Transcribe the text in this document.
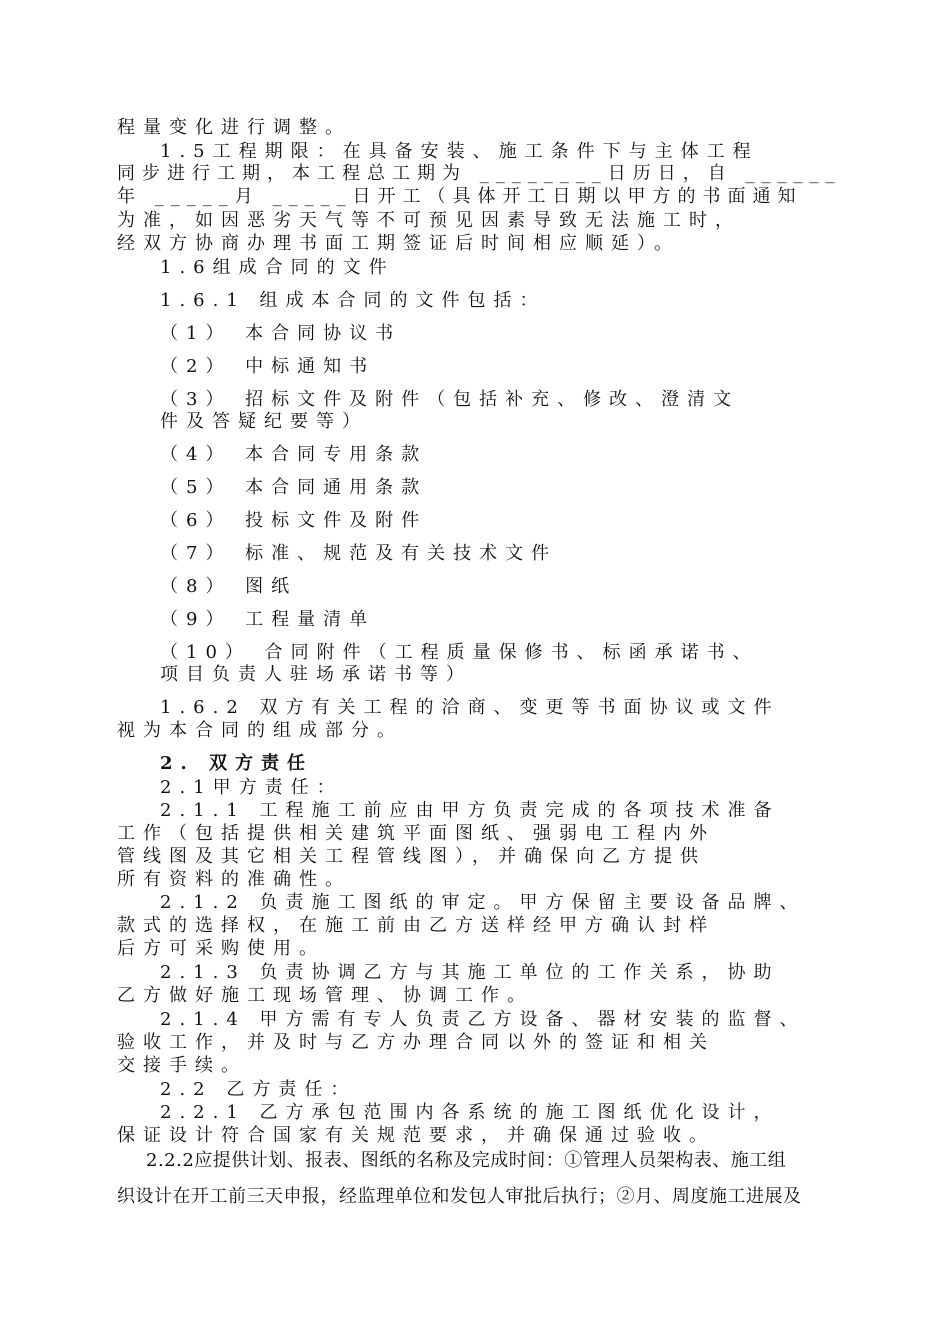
程量变化进行调整。
1.5工程期限：在具备安装、施工条件下与主体工程
同步进行工期，本工程总工期为 ________日历日，自 ______
年 _____月 _____日开工（具体开工日期以甲方的书面通知
为准，如因恶劣天气等不可预见因素导致无法施工时，
经双方协商办理书面工期签证后时间相应顺延）。
1.6组成合同的文件
1.6.1 组成本合同的文件包括：
（1） 本合同协议书
（2） 中标通知书
（3） 招标文件及附件（包括补充、修改、澄清文
件及答疑纪要等）
（4） 本合同专用条款
（5） 本合同通用条款
（6） 投标文件及附件
（7） 标准、规范及有关技术文件
（8） 图纸
（9） 工程量清单
（10） 合同附件（工程质量保修书、标函承诺书、
项目负责人驻场承诺书等）
1.6.2 双方有关工程的洽商、变更等书面协议或文件
视为本合同的组成部分。
2. 双方责任
2.1甲方责任：
2.1.1 工程施工前应由甲方负责完成的各项技术准备
工作（包括提供相关建筑平面图纸、强弱电工程内外
管线图及其它相关工程管线图），并确保向乙方提供
所有资料的准确性。
2.1.2 负责施工图纸的审定。甲方保留主要设备品牌、
款式的选择权，在施工前由乙方送样经甲方确认封样
后方可采购使用。
2.1.3 负责协调乙方与其施工单位的工作关系，协助
乙方做好施工现场管理、协调工作。
2.1.4 甲方需有专人负责乙方设备、器材安装的监督、
验收工作，并及时与乙方办理合同以外的签证和相关
交接手续。
2.2 乙方责任：
2.2.1 乙方承包范围内各系统的施工图纸优化设计，
保证设计符合国家有关规范要求，并确保通过验收。
2.2.2应提供计划、报表、图纸的名称及完成时间：①管理人员架构表、施工组
织设计在开工前三天申报，经监理单位和发包人审批后执行；②月、周度施工进展及
